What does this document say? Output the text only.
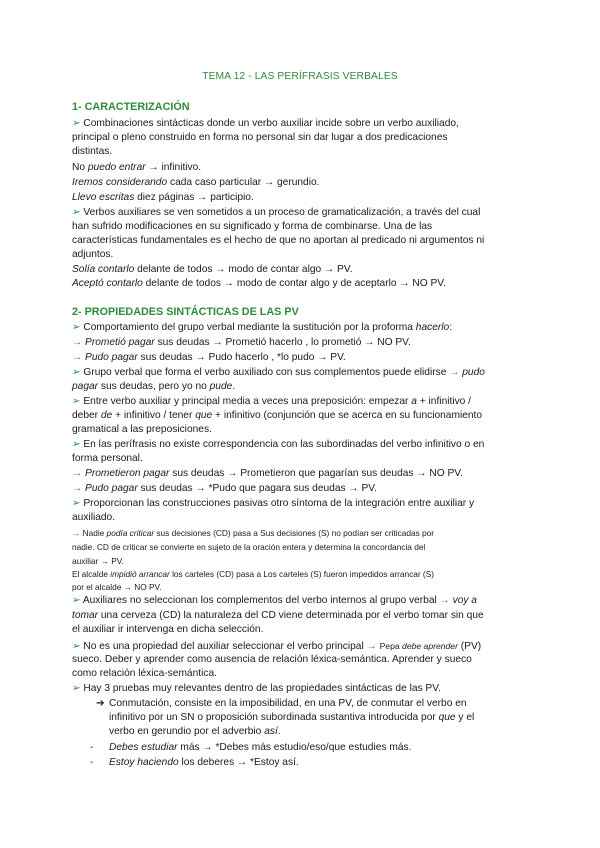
TEMA 12 - LAS PERÍFRASIS VERBALES
1- CARACTERIZACIÓN
➢ Combinaciones sintácticas donde un verbo auxiliar incide sobre un verbo auxiliado,
principal o pleno construido en forma no personal sin dar lugar a dos predicaciones
distintas.
No puedo entrar → infinitivo.
Iremos considerando cada caso particular → gerundio.
Llevo escritas diez páginas → participio.
➢ Verbos auxiliares se ven sometidos a un proceso de gramaticalización, a través del cual
han sufrido modificaciones en su significado y forma de combinarse. Una de las
características fundamentales es el hecho de que no aportan al predicado ni argumentos ni
adjuntos.
Solía contarlo delante de todos → modo de contar algo → PV.
Aceptó contarlo delante de todos → modo de contar algo y de aceptarlo → NO PV.
2- PROPIEDADES SINTÁCTICAS DE LAS PV
➢ Comportamiento del grupo verbal mediante la sustitución por la proforma hacerlo:
→ Prometió pagar sus deudas → Prometió hacerlo , lo prometió → NO PV.
→ Pudo pagar sus deudas → Pudo hacerlo , *lo pudo → PV.
➢ Grupo verbal que forma el verbo auxiliado con sus complementos puede elidirse → pudo
pagar sus deudas, pero yo no pude.
➢ Entre verbo auxiliar y principal media a veces una preposición: empezar a + infinitivo /
deber de + infinitivo / tener que + infinitivo (conjunción que se acerca en su funcionamiento
gramatical a las preposiciones.
➢ En las perífrasis no existe correspondencia con las subordinadas del verbo infinitivo o en
forma personal.
→ Prometieron pagar sus deudas → Prometieron que pagarían sus deudas → NO PV.
→ Pudo pagar sus deudas → *Pudo que pagara sus deudas → PV.
➢ Proporcionan las construcciones pasivas otro síntoma de la integración entre auxiliar y
auxiliado.
→ Nadie podía criticar sus decisiones (CD) pasa a Sus decisiones (S) no podían ser criticadas por
nadie. CD de criticar se convierte en sujeto de la oración entera y determina la concordancia del
auxiliar → PV.
El alcalde impidió arrancar los carteles (CD) pasa a Los carteles (S) fueron impedidos arrancar (S)
por el alcalde → NO PV.
➢ Auxiliares no seleccionan los complementos del verbo internos al grupo verbal → voy a
tomar una cerveza (CD) la naturaleza del CD viene determinada por el verbo tomar sin que
el auxiliar ir intervenga en dicha selección.
➢ No es una propiedad del auxiliar seleccionar el verbo principal → Pepa debe aprender (PV)
sueco. Deber y aprender como ausencia de relación léxica-semántica. Aprender y sueco
como relación léxica-semántica.
➢ Hay 3 pruebas muy relevantes dentro de las propiedades sintácticas de las PV.
➔ Conmutación, consiste en la imposibilidad, en una PV, de conmutar el verbo en
infinitivo por un SN o proposición subordinada sustantiva introducida por que y el
verbo en gerundio por el adverbio así.
- Debes estudiar más → *Debes más estudio/eso/que estudies más.
- Estoy haciendo los deberes → *Estoy así.
